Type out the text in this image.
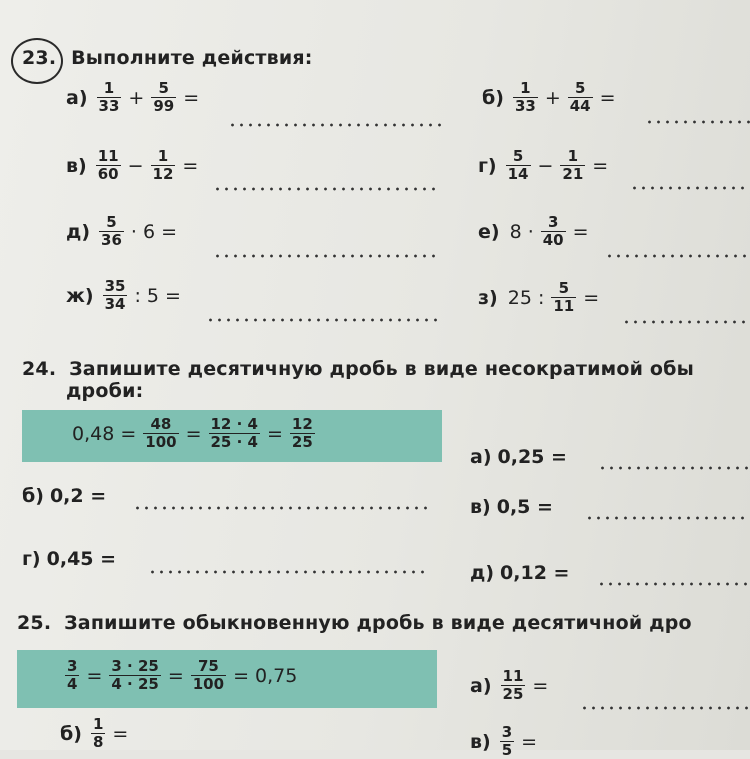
23. Выполните действия:
$а) \frac{1}{33} + \frac{5}{99}$ =	$б) \frac{1}{33} + \frac{5}{44}$ =
$в) \frac{11}{60} - \frac{1}{12}$ =	$г) \frac{5}{14} - \frac{1}{21}$ =
$д) \frac{5}{36} \cdot 6$ =	е) $8 \cdot \frac{3}{40}$ =
$ж) \frac{35}{34}$ : 5 =	з) 25 : $\frac{5}{11}$ =
24. Запишите десятичную дробь в виде несократимой обы
дроби:
$0,48 = \frac{48}{100} = \frac{12 \cdot 4}{25 \cdot 4} = \frac{12}{25}$
а) 0,25 =
б) 0,2 =	в) 0,5 =
г) 0,45 =
д) 0,12 =
25. Запишите обыкновенную дробь в виде десятичной дро
$\frac{3}{4} = \frac{3 \cdot 25}{4 \cdot 25} = \frac{75}{100} = 0,75$	$а) \frac{11}{25}$ =
$б) \frac{1}{8}$ =	$в) \frac{3}{5}$ =
